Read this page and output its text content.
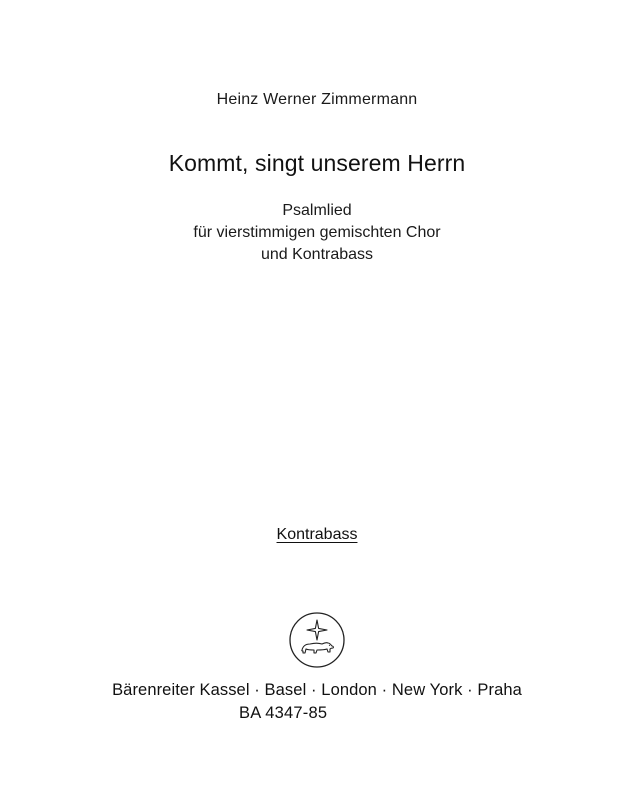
Heinz Werner Zimmermann
Kommt, singt unserem Herrn
Psalmlied
für vierstimmigen gemischten Chor
und Kontrabass
Kontrabass
Bärenreiter Kassel · Basel · London · New York · Praha
BA 4347-85
